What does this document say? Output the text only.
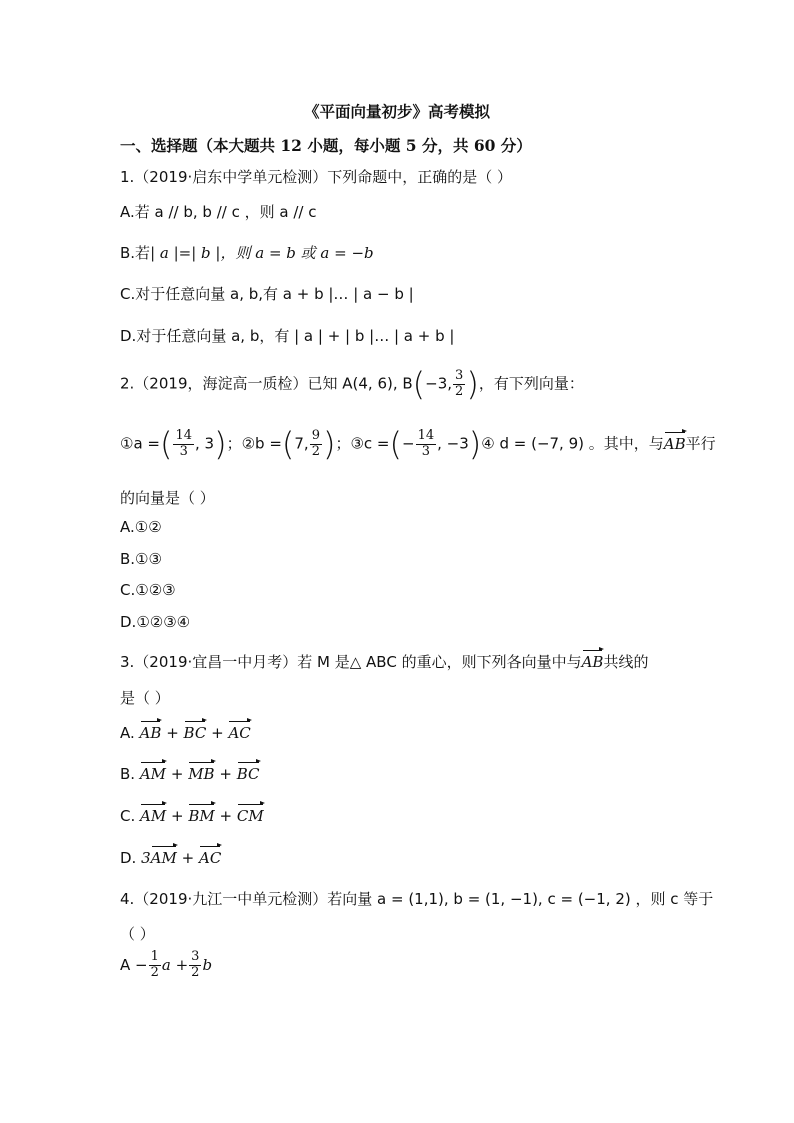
《平面向量初步》高考模拟
一、选择题（本大题共 12 小题，每小题 5 分，共 60 分）
1.（2019·启东中学单元检测）下列命题中，正确的是（ ）
A.若 a // b, b // c ，则 a // c
B.若| a |=| b |，则 a = b 或 a = −b
C.对于任意向量 a, b,有 a + b |… | a − b |
D.对于任意向量 a, b，有 | a | + | b |… | a + b |
2.（2019，海淀高一质检）已知 A(4, 6), B(−3, $\frac{3}{2}$ )，有下列向量：
①a =( $\frac{14}{3}$ , 3)；②b =(7, $\frac{9}{2}$ )；③c =(− $\frac{14}{3}$ , −3)④ d = (−7, 9) 。其中，与AB平行
的向量是（ ）
A.①②
B.①③
C.①②③
D.①②③④
3.（2019·宜昌一中月考）若 M 是△ ABC 的重心，则下列各向量中与AB共线的
是（ ）
A. AB + BC + AC
B. AM + MB + BC
C. AM + BM + CM
D. 3AM + AC
4.（2019·九江一中单元检测）若向量 a = (1,1), b = (1, −1), c = (−1, 2) ，则 c 等于
（ ）
$A - \frac{1}{2}$ $a + \frac{3}{2}$ b
